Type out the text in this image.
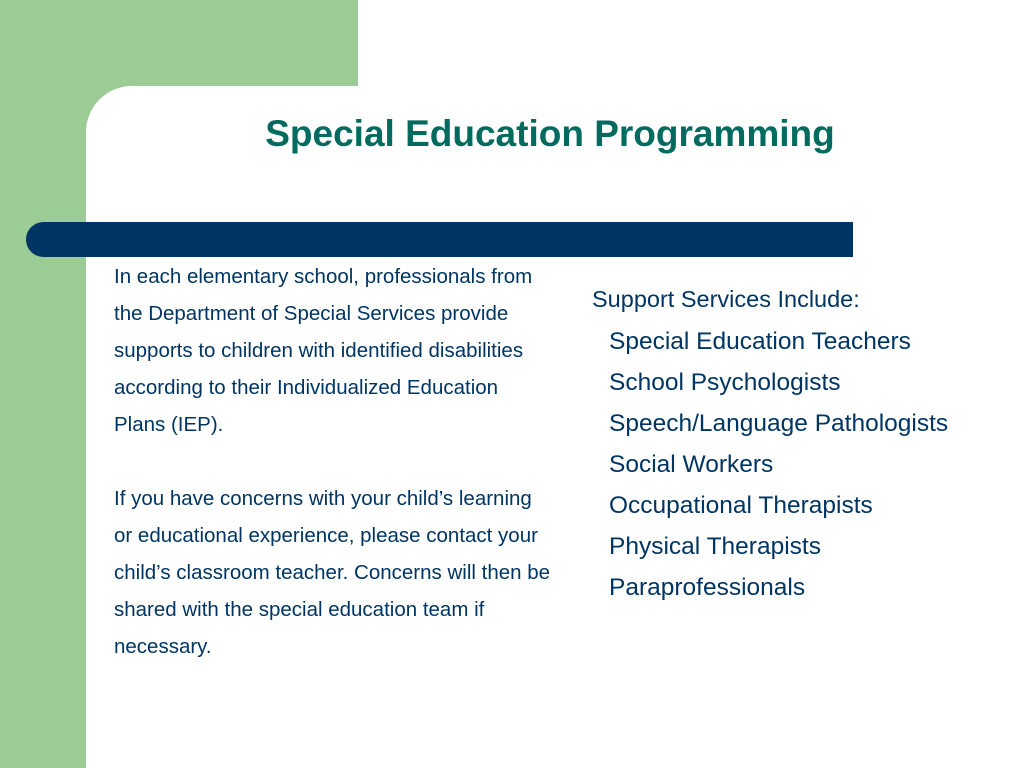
Special Education Programming

In each elementary school, professionals from the Department of Special Services provide supports to children with identified disabilities according to their Individualized Education Plans (IEP).

If you have concerns with your child’s learning or educational experience, please contact your child’s classroom teacher. Concerns will then be shared with the special education team if necessary.

Support Services Include:

Special Education Teachers
School Psychologists
Speech/Language Pathologists
Social Workers
Occupational Therapists
Physical Therapists
Paraprofessionals
